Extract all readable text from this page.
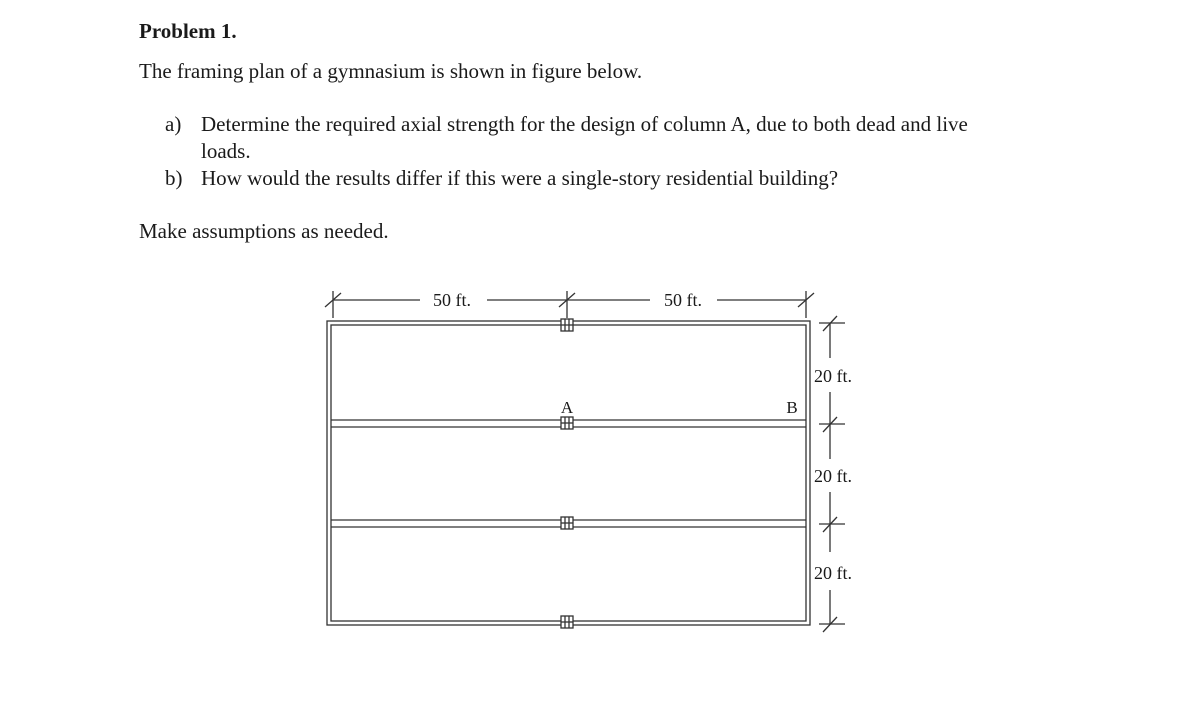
Problem 1.

The framing plan of a gymnasium is shown in figure below.

a) Determine the required axial strength for the design of column A, due to both dead and live
loads.
b) How would the results differ if this were a single-story residential building?

Make assumptions as needed.

50 ft.	50 ft.
20 ft.
20 ft.
20 ft.
A	B
